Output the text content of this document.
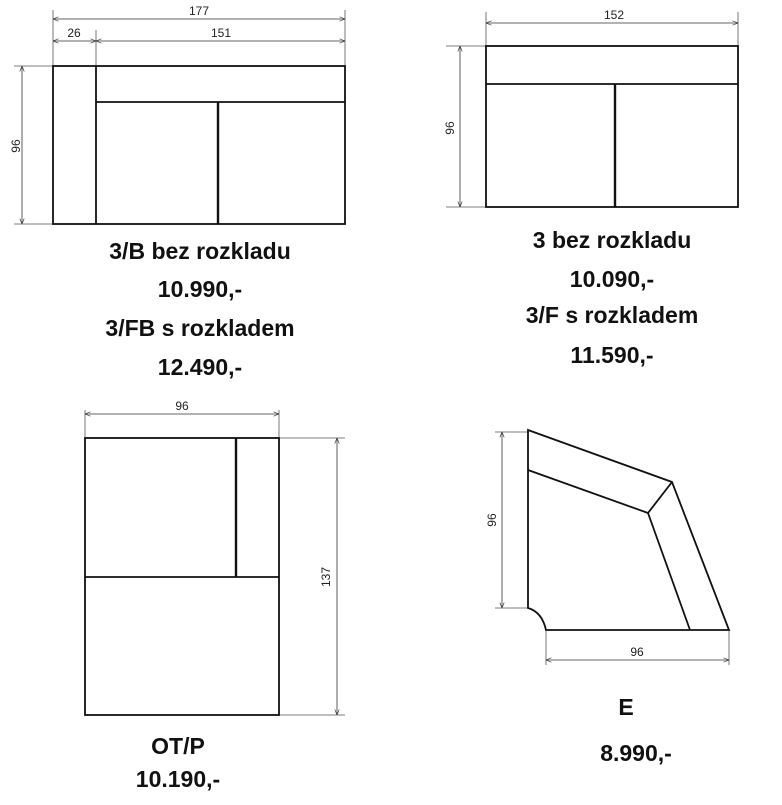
177
26	151
96
152
96
96
137
96
96
3/B bez rozkladu
10.990,-
3/FB s rozkladem
12.490,-
3 bez rozkladu
10.090,-
3/F s rozkladem
11.590,-
OT/P
10.190,-
E
8.990,-
